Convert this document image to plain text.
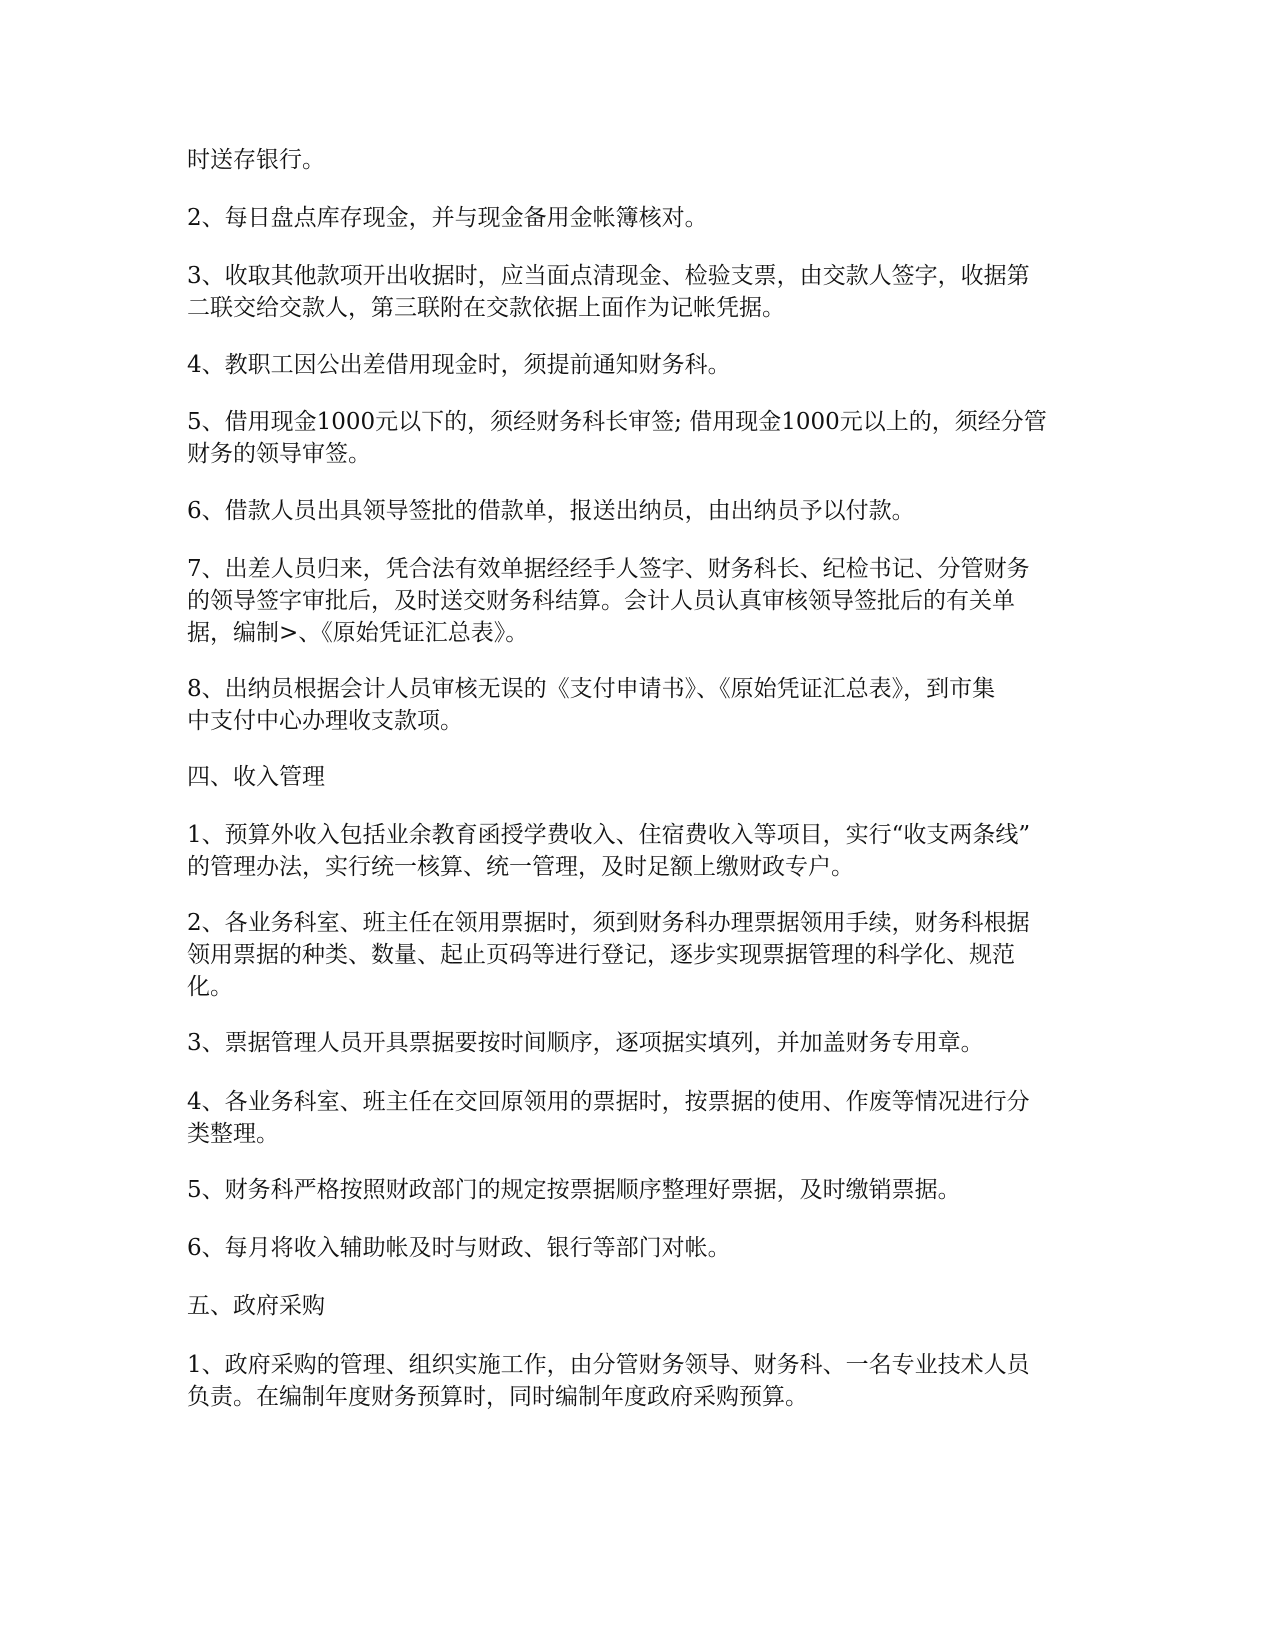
时送存银行。
2、每日盘点库存现金，并与现金备用金帐簿核对。
3、收取其他款项开出收据时，应当面点清现金、检验支票，由交款人签字，收据第
二联交给交款人，第三联附在交款依据上面作为记帐凭据。
4、教职工因公出差借用现金时，须提前通知财务科。
5、借用现金1000元以下的，须经财务科长审签; 借用现金1000元以上的，须经分管
财务的领导审签。
6、借款人员出具领导签批的借款单，报送出纳员，由出纳员予以付款。
7、出差人员归来，凭合法有效单据经经手人签字、财务科长、纪检书记、分管财务
的领导签字审批后，及时送交财务科结算。会计人员认真审核领导签批后的有关单
据，编制>、《原始凭证汇总表》。
8、出纳员根据会计人员审核无误的《支付申请书》、《原始凭证汇总表》，到市集
中支付中心办理收支款项。
四、收入管理
1、预算外收入包括业余教育函授学费收入、住宿费收入等项目，实行“收支两条线”
的管理办法，实行统一核算、统一管理，及时足额上缴财政专户。
2、各业务科室、班主任在领用票据时，须到财务科办理票据领用手续，财务科根据
领用票据的种类、数量、起止页码等进行登记，逐步实现票据管理的科学化、规范
化。
3、票据管理人员开具票据要按时间顺序，逐项据实填列，并加盖财务专用章。
4、各业务科室、班主任在交回原领用的票据时，按票据的使用、作废等情况进行分
类整理。
5、财务科严格按照财政部门的规定按票据顺序整理好票据，及时缴销票据。
6、每月将收入辅助帐及时与财政、银行等部门对帐。
五、政府采购
1、政府采购的管理、组织实施工作，由分管财务领导、财务科、一名专业技术人员
负责。在编制年度财务预算时，同时编制年度政府采购预算。
